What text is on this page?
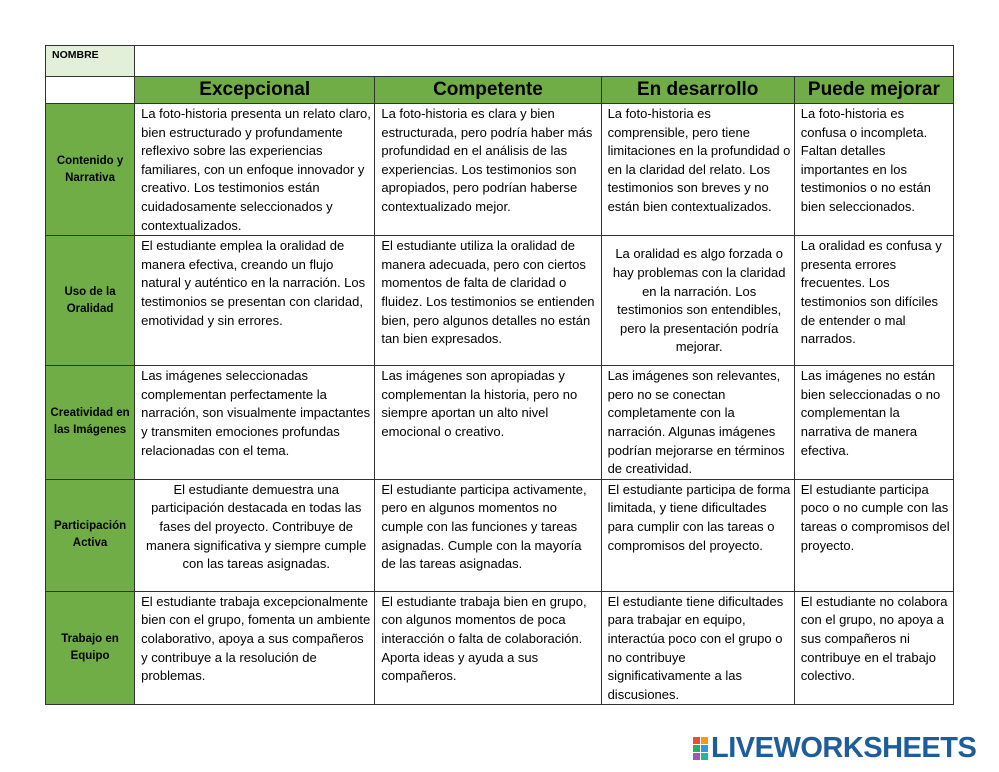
NOMBRE				
	Excepcional	Competente	En desarrollo	Puede mejorar
Contenido y Narrativa	La foto-historia presenta un relato claro, bien estructurado y profundamente reflexivo sobre las experiencias familiares, con un enfoque innovador y creativo. Los testimonios están cuidadosamente seleccionados y contextualizados.	La foto-historia es clara y bien estructurada, pero podría haber más profundidad en el análisis de las experiencias. Los testimonios son apropiados, pero podrían haberse contextualizado mejor.	La foto-historia es comprensible, pero tiene limitaciones en la profundidad o en la claridad del relato. Los testimonios son breves y no están bien contextualizados.	La foto-historia es confusa o incompleta. Faltan detalles importantes en los testimonios o no están bien seleccionados.
Uso de la Oralidad	El estudiante emplea la oralidad de manera efectiva, creando un flujo natural y auténtico en la narración. Los testimonios se presentan con claridad, emotividad y sin errores.	El estudiante utiliza la oralidad de manera adecuada, pero con ciertos momentos de falta de claridad o fluidez. Los testimonios se entienden bien, pero algunos detalles no están tan bien expresados.	La oralidad es algo forzada o hay problemas con la claridad en la narración. Los testimonios son entendibles, pero la presentación podría mejorar.	La oralidad es confusa y presenta errores frecuentes. Los testimonios son difíciles de entender o mal narrados.
Creatividad en las Imágenes	Las imágenes seleccionadas complementan perfectamente la narración, son visualmente impactantes y transmiten emociones profundas relacionadas con el tema.	Las imágenes son apropiadas y complementan la historia, pero no siempre aportan un alto nivel emocional o creativo.	Las imágenes son relevantes, pero no se conectan completamente con la narración. Algunas imágenes podrían mejorarse en términos de creatividad.	Las imágenes no están bien seleccionadas o no complementan la narrativa de manera efectiva.
Participación Activa	El estudiante demuestra una participación destacada en todas las fases del proyecto. Contribuye de manera significativa y siempre cumple con las tareas asignadas.	El estudiante participa activamente, pero en algunos momentos no cumple con las funciones y tareas asignadas. Cumple con la mayoría de las tareas asignadas.	El estudiante participa de forma limitada, y tiene dificultades para cumplir con las tareas o compromisos del proyecto.	El estudiante participa poco o no cumple con las tareas o compromisos del proyecto.
Trabajo en Equipo	El estudiante trabaja excepcionalmente bien con el grupo, fomenta un ambiente colaborativo, apoya a sus compañeros y contribuye a la resolución de problemas.	El estudiante trabaja bien en grupo, con algunos momentos de poca interacción o falta de colaboración. Aporta ideas y ayuda a sus compañeros.	El estudiante tiene dificultades para trabajar en equipo, interactúa poco con el grupo o no contribuye significativamente a las discusiones.	El estudiante no colabora con el grupo, no apoya a sus compañeros ni contribuye en el trabajo colectivo.
LIVEWORKSHEETS
